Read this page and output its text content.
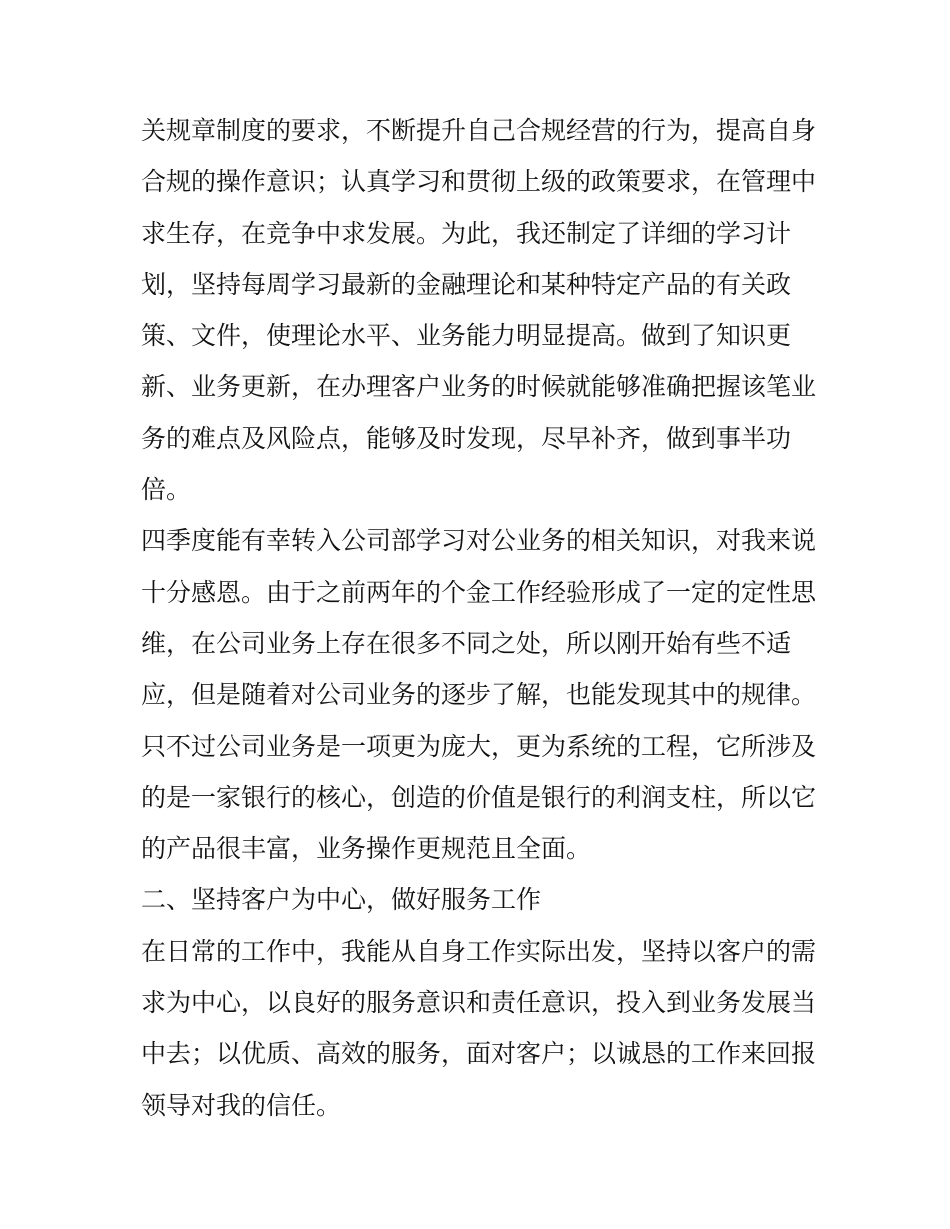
关规章制度的要求，不断提升自己合规经营的行为，提高自身
合规的操作意识；认真学习和贯彻上级的政策要求，在管理中
求生存，在竞争中求发展。为此，我还制定了详细的学习计
划，坚持每周学习最新的金融理论和某种特定产品的有关政
策、文件，使理论水平、业务能力明显提高。做到了知识更
新、业务更新，在办理客户业务的时候就能够准确把握该笔业
务的难点及风险点，能够及时发现，尽早补齐，做到事半功
倍。
四季度能有幸转入公司部学习对公业务的相关知识，对我来说
十分感恩。由于之前两年的个金工作经验形成了一定的定性思
维，在公司业务上存在很多不同之处，所以刚开始有些不适
应，但是随着对公司业务的逐步了解，也能发现其中的规律。
只不过公司业务是一项更为庞大，更为系统的工程，它所涉及
的是一家银行的核心，创造的价值是银行的利润支柱，所以它
的产品很丰富，业务操作更规范且全面。
二、坚持客户为中心，做好服务工作
在日常的工作中，我能从自身工作实际出发，坚持以客户的需
求为中心，以良好的服务意识和责任意识，投入到业务发展当
中去；以优质、高效的服务，面对客户；以诚恳的工作来回报
领导对我的信任。
